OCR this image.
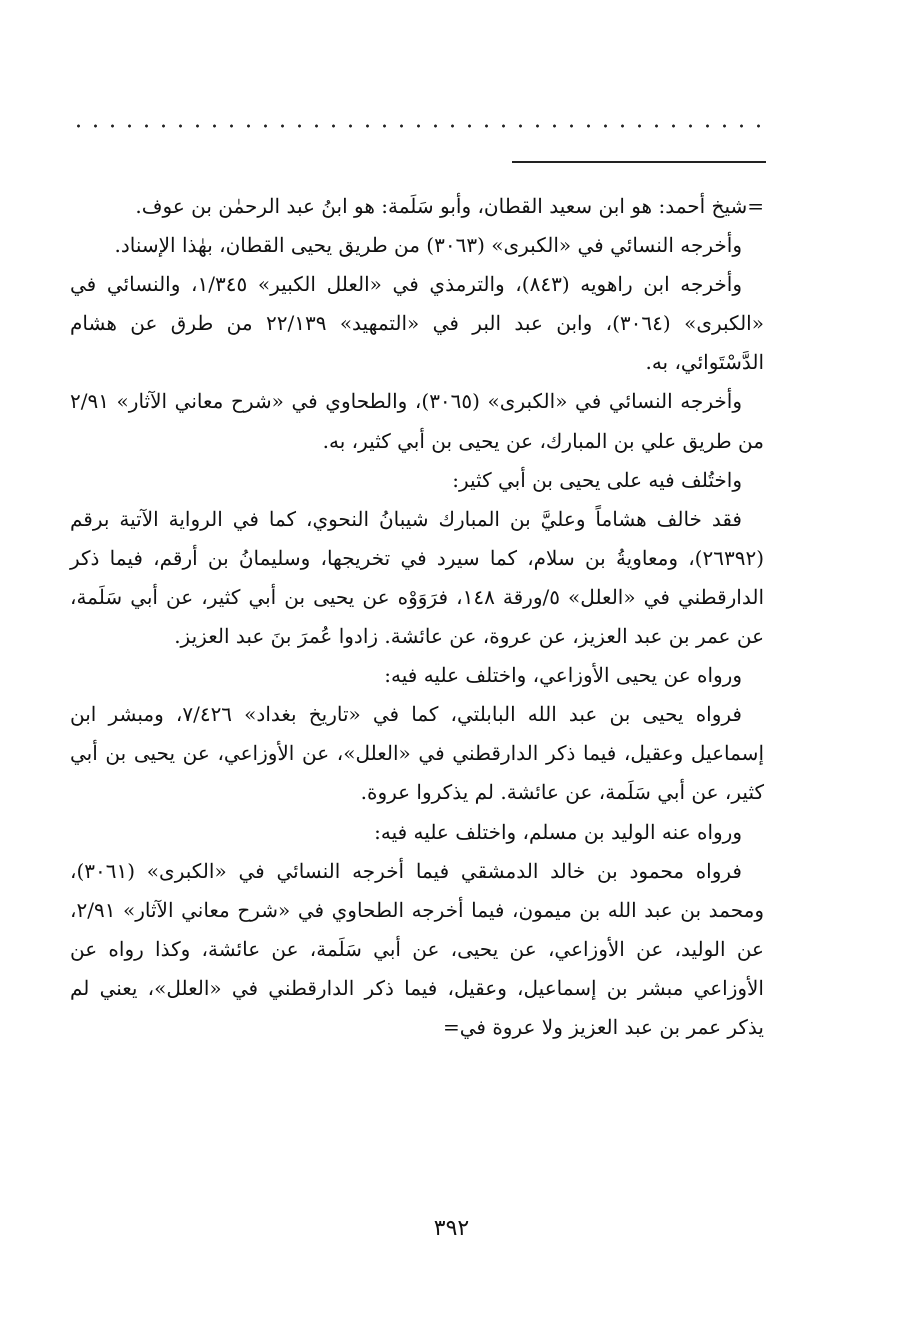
=شيخ أحمد: هو ابن سعيد القطان، وأبو سَلَمة: هو ابنُ عبد الرحمٰن بن عوف.

وأخرجه النسائي في «الكبرى» (٣٠٦٣) من طريق يحيى القطان، بهٰذا الإسناد.

وأخرجه ابن راهويه (٨٤٣)، والترمذي في «العلل الكبير» ١/٣٤٥، والنسائي في «الكبرى» (٣٠٦٤)، وابن عبد البر في «التمهيد» ٢٢/١٣٩ من طرق عن هشام الدَّسْتَوائي، به.

وأخرجه النسائي في «الكبرى» (٣٠٦٥)، والطحاوي في «شرح معاني الآثار» ٢/٩١ من طريق علي بن المبارك، عن يحيى بن أبي كثير، به.

واختُلف فيه على يحيى بن أبي كثير:

فقد خالف هشاماً وعليَّ بن المبارك شيبانُ النحوي، كما في الرواية الآتية برقم (٢٦٣٩٢)، ومعاويةُ بن سلام، كما سيرد في تخريجها، وسليمانُ بن أرقم، فيما ذكر الدارقطني في «العلل» ٥/ورقة ١٤٨، فرَوَوْه عن يحيى بن أبي كثير، عن أبي سَلَمة، عن عمر بن عبد العزيز، عن عروة، عن عائشة. زادوا عُمرَ بنَ عبد العزيز.

ورواه عن يحيى الأوزاعي، واختلف عليه فيه:

فرواه يحيى بن عبد الله البابلتي، كما في «تاريخ بغداد» ٧/٤٢٦، ومبشر ابن إسماعيل وعقيل، فيما ذكر الدارقطني في «العلل»، عن الأوزاعي، عن يحيى بن أبي كثير، عن أبي سَلَمة، عن عائشة. لم يذكروا عروة.

ورواه عنه الوليد بن مسلم، واختلف عليه فيه:

فرواه محمود بن خالد الدمشقي فيما أخرجه النسائي في «الكبرى» (٣٠٦١)، ومحمد بن عبد الله بن ميمون، فيما أخرجه الطحاوي في «شرح معاني الآثار» ٢/٩١، عن الوليد، عن الأوزاعي، عن يحيى، عن أبي سَلَمة، عن عائشة، وكذا رواه عن الأوزاعي مبشر بن إسماعيل، وعقيل، فيما ذكر الدارقطني في «العلل»، يعني لم يذكر عمر بن عبد العزيز ولا عروة في=

٣٩٢
